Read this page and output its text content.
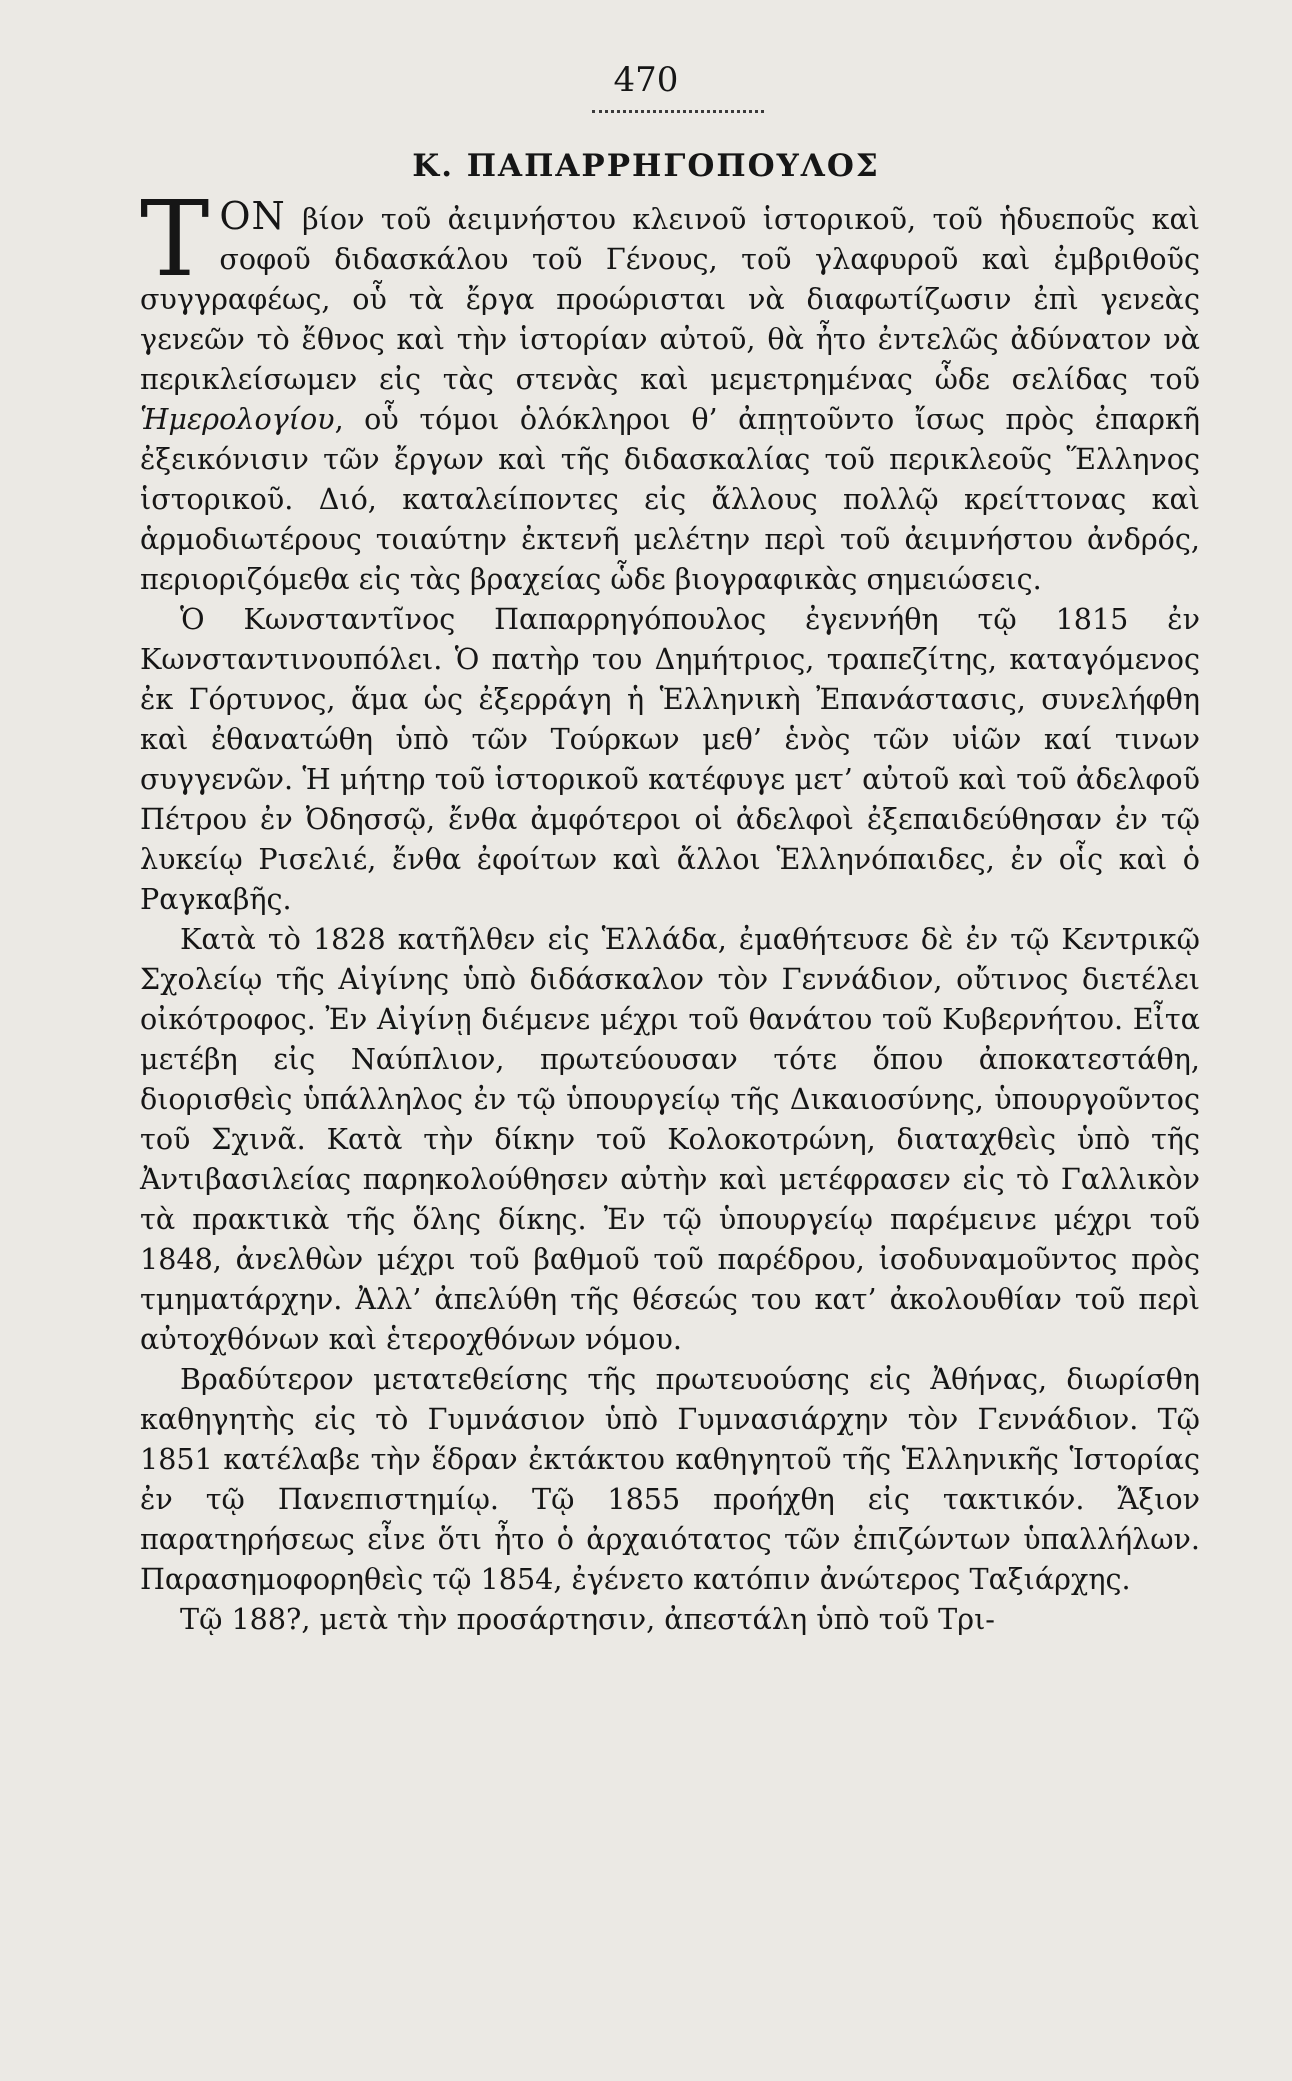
470
Κ. ΠΑΠΑΡΡΗΓΟΠΟΥΛΟΣ

ΤΟΝ βίον τοῦ ἀειμνήστου κλεινοῦ ἱστορικοῦ, τοῦ ἡδυεποῦς καὶ σοφοῦ διδασκάλου τοῦ Γένους, τοῦ γλαφυροῦ καὶ ἐμβριθοῦς συγγραφέως, οὗ τὰ ἔργα προώρισται νὰ διαφωτίζωσιν ἐπὶ γενεὰς γενεῶν τὸ ἔθνος καὶ τὴν ἱστορίαν αὐτοῦ, θὰ ἦτο ἐντελῶς ἀδύνατον νὰ περικλείσωμεν εἰς τὰς στενὰς καὶ μεμετρημένας ὧδε σελίδας τοῦ Ἡμερολογίου, οὗ τόμοι ὁλόκληροι θ’ ἀπῃτοῦντο ἴσως πρὸς ἐπαρκῆ ἐξεικόνισιν τῶν ἔργων καὶ τῆς διδασκαλίας τοῦ περικλεοῦς Ἕλληνος ἱστορικοῦ. Διό, καταλείποντες εἰς ἄλλους πολλῷ κρείττονας καὶ ἁρμοδιωτέρους τοιαύτην ἐκτενῆ μελέτην περὶ τοῦ ἀειμνήστου ἀνδρός, περιοριζόμεθα εἰς τὰς βραχείας ὧδε βιογραφικὰς σημειώσεις.

Ὁ Κωνσταντῖνος Παπαρρηγόπουλος ἐγεννήθη τῷ 1815 ἐν Κωνσταντινουπόλει. Ὁ πατὴρ του Δημήτριος, τραπεζίτης, καταγόμενος ἐκ Γόρτυνος, ἅμα ὡς ἐξερράγη ἡ Ἑλληνικὴ Ἐπανάστασις, συνελήφθη καὶ ἐθανατώθη ὑπὸ τῶν Τούρκων μεθ’ ἑνὸς τῶν υἱῶν καί τινων συγγενῶν. Ἡ μήτηρ τοῦ ἱστορικοῦ κατέφυγε μετ’ αὐτοῦ καὶ τοῦ ἀδελφοῦ Πέτρου ἐν Ὀδησσῷ, ἔνθα ἀμφότεροι οἱ ἀδελφοὶ ἐξεπαιδεύθησαν ἐν τῷ λυκείῳ Ρισελιέ, ἔνθα ἐφοίτων καὶ ἄλλοι Ἑλληνόπαιδες, ἐν οἷς καὶ ὁ Ραγκαβῆς.

Κατὰ τὸ 1828 κατῆλθεν εἰς Ἑλλάδα, ἐμαθήτευσε δὲ ἐν τῷ Κεντρικῷ Σχολείῳ τῆς Αἰγίνης ὑπὸ διδάσκαλον τὸν Γεννάδιον, οὔτινος διετέλει οἰκότροφος. Ἐν Αἰγίνῃ διέμενε μέχρι τοῦ θανάτου τοῦ Κυβερνήτου. Εἶτα μετέβη εἰς Ναύπλιον, πρωτεύουσαν τότε ὅπου ἀποκατεστάθη, διορισθεὶς ὑπάλληλος ἐν τῷ ὑπουργείῳ τῆς Δικαιοσύνης, ὑπουργοῦντος τοῦ Σχινᾶ. Κατὰ τὴν δίκην τοῦ Κολοκοτρώνη, διαταχθεὶς ὑπὸ τῆς Ἀντιβασιλείας παρηκολούθησεν αὐτὴν καὶ μετέφρασεν εἰς τὸ Γαλλικὸν τὰ πρακτικὰ τῆς ὅλης δίκης. Ἐν τῷ ὑπουργείῳ παρέμεινε μέχρι τοῦ 1848, ἀνελθὼν μέχρι τοῦ βαθμοῦ τοῦ παρέδρου, ἰσοδυναμοῦντος πρὸς τμηματάρχην. Ἀλλ’ ἀπελύθη τῆς θέσεώς του κατ’ ἀκολουθίαν τοῦ περὶ αὐτοχθόνων καὶ ἑτεροχθόνων νόμου.

Βραδύτερον μετατεθείσης τῆς πρωτευούσης εἰς Ἀθήνας, διωρίσθη καθηγητὴς εἰς τὸ Γυμνάσιον ὑπὸ Γυμνασιάρχην τὸν Γεννάδιον. Τῷ 1851 κατέλαβε τὴν ἕδραν ἐκτάκτου καθηγητοῦ τῆς Ἑλληνικῆς Ἱστορίας ἐν τῷ Πανεπιστημίῳ. Τῷ 1855 προήχθη εἰς τακτικόν. Ἄξιον παρατηρήσεως εἶνε ὅτι ἦτο ὁ ἀρχαιότατος τῶν ἐπιζώντων ὑπαλλήλων. Παρασημοφορηθεὶς τῷ 1854, ἐγένετο κατόπιν ἀνώτερος Ταξιάρχης.

Τῷ 188?, μετὰ τὴν προσάρτησιν, ἀπεστάλη ὑπὸ τοῦ Τρι-
